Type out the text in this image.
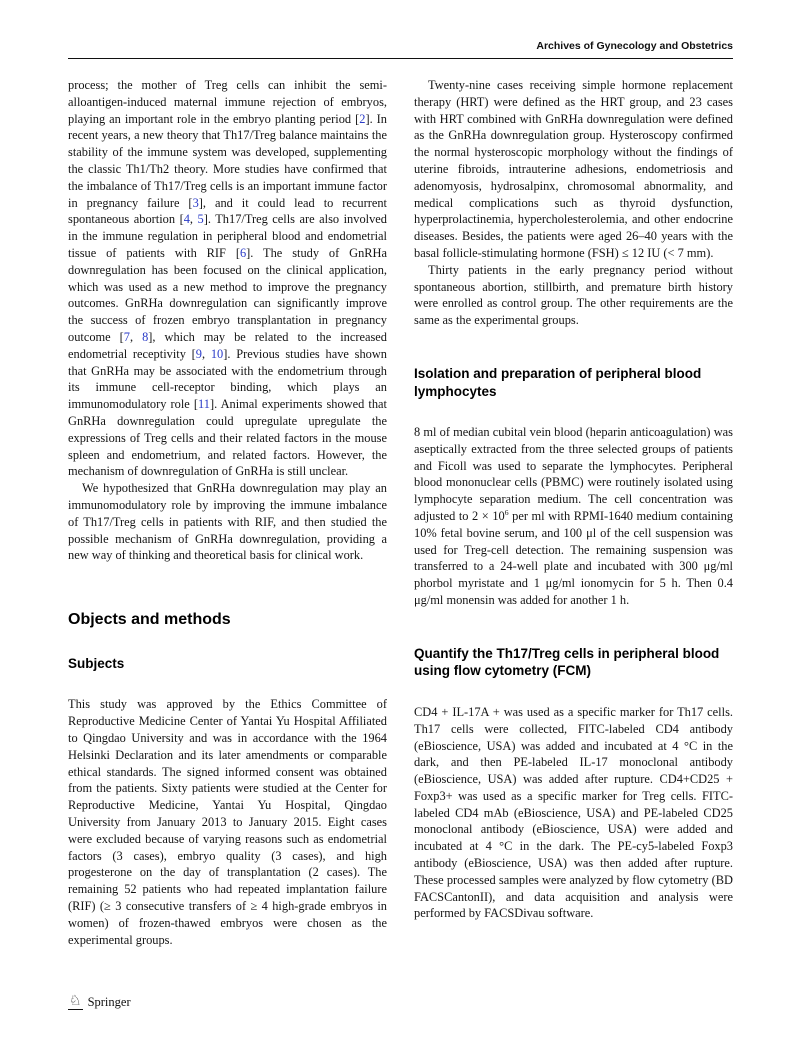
Archives of Gynecology and Obstetrics

process; the mother of Treg cells can inhibit the semi-alloantigen-induced maternal immune rejection of embryos, playing an important role in the embryo planting period [2]. In recent years, a new theory that Th17/Treg balance maintains the stability of the immune system was developed, supplementing the classic Th1/Th2 theory. More studies have confirmed that the imbalance of Th17/Treg cells is an important immune factor in pregnancy failure [3], and it could lead to recurrent spontaneous abortion [4, 5]. Th17/Treg cells are also involved in the immune regulation in peripheral blood and endometrial tissue of patients with RIF [6]. The study of GnRHa downregulation has been focused on the clinical application, which was used as a new method to improve the pregnancy outcomes. GnRHa downregulation can significantly improve the success of frozen embryo transplantation in pregnancy outcome [7, 8], which may be related to the increased endometrial receptivity [9, 10]. Previous studies have shown that GnRHa may be associated with the endometrium through its immune cell-receptor binding, which plays an immunomodulatory role [11]. Animal experiments showed that GnRHa downregulation could upregulate upregulate the expressions of Treg cells and their related factors in the mouse spleen and endometrium, and related factors. However, the mechanism of downregulation of GnRHa is still unclear.

We hypothesized that GnRHa downregulation may play an immunomodulatory role by improving the immune imbalance of Th17/Treg cells in patients with RIF, and then studied the possible mechanism of GnRHa downregulation, providing a new way of thinking and theoretical basis for clinical work.

Objects and methods
Subjects

This study was approved by the Ethics Committee of Reproductive Medicine Center of Yantai Yu Hospital Affiliated to Qingdao University and was in accordance with the 1964 Helsinki Declaration and its later amendments or comparable ethical standards. The signed informed consent was obtained from the patients. Sixty patients were studied at the Center for Reproductive Medicine, Yantai Yu Hospital, Qingdao University from January 2013 to January 2015. Eight cases were excluded because of varying reasons such as endometrial factors (3 cases), embryo quality (3 cases), and high progesterone on the day of transplantation (2 cases). The remaining 52 patients who had repeated implantation failure (RIF) (≥ 3 consecutive transfers of ≥ 4 high-grade embryos in women) of frozen-thawed embryos were chosen as the experimental groups.

Twenty-nine cases receiving simple hormone replacement therapy (HRT) were defined as the HRT group, and 23 cases with HRT combined with GnRHa downregulation were defined as the GnRHa downregulation group. Hysteroscopy confirmed the normal hysteroscopic morphology without the findings of uterine fibroids, intrauterine adhesions, endometriosis and adenomyosis, hydrosalpinx, chromosomal abnormality, and medical complications such as thyroid dysfunction, hyperprolactinemia, hypercholesterolemia, and other endocrine diseases. Besides, the patients were aged 26–40 years with the basal follicle-stimulating hormone (FSH) ≤ 12 IU (< 7 mm).

Thirty patients in the early pregnancy period without spontaneous abortion, stillbirth, and premature birth history were enrolled as control group. The other requirements are the same as the experimental groups.

Isolation and preparation of peripheral blood lymphocytes

8 ml of median cubital vein blood (heparin anticoagulation) was aseptically extracted from the three selected groups of patients and Ficoll was used to separate the lymphocytes. Peripheral blood mononuclear cells (PBMC) were routinely isolated using lymphocyte separation medium. The cell concentration was adjusted to $2 \times 10^6$ per ml with RPMI-1640 medium containing 10% fetal bovine serum, and 100 μl of the cell suspension was used for Treg-cell detection. The remaining suspension was transferred to a 24-well plate and incubated with 300 μg/ml phorbol myristate and 1 μg/ml ionomycin for 5 h. Then 0.4 μg/ml monensin was added for another 1 h.

Quantify the Th17/Treg cells in peripheral blood using flow cytometry (FCM)

CD4 + IL-17A + was used as a specific marker for Th17 cells. Th17 cells were collected, FITC-labeled CD4 antibody (eBioscience, USA) was added and incubated at 4 °C in the dark, and then PE-labeled IL-17 monoclonal antibody (eBioscience, USA) was added after rupture. CD4+CD25 + Foxp3+ was used as a specific marker for Treg cells. FITC-labeled CD4 mAb (eBioscience, USA) and PE-labeled CD25 monoclonal antibody (eBioscience, USA) were added and incubated at 4 °C in the dark. The PE-cy5-labeled Foxp3 antibody (eBioscience, USA) was then added after rupture. These processed samples were analyzed by flow cytometry (BD FACSCantonII), and data acquisition and analysis were performed by FACSDivau software.

♘ Springer
